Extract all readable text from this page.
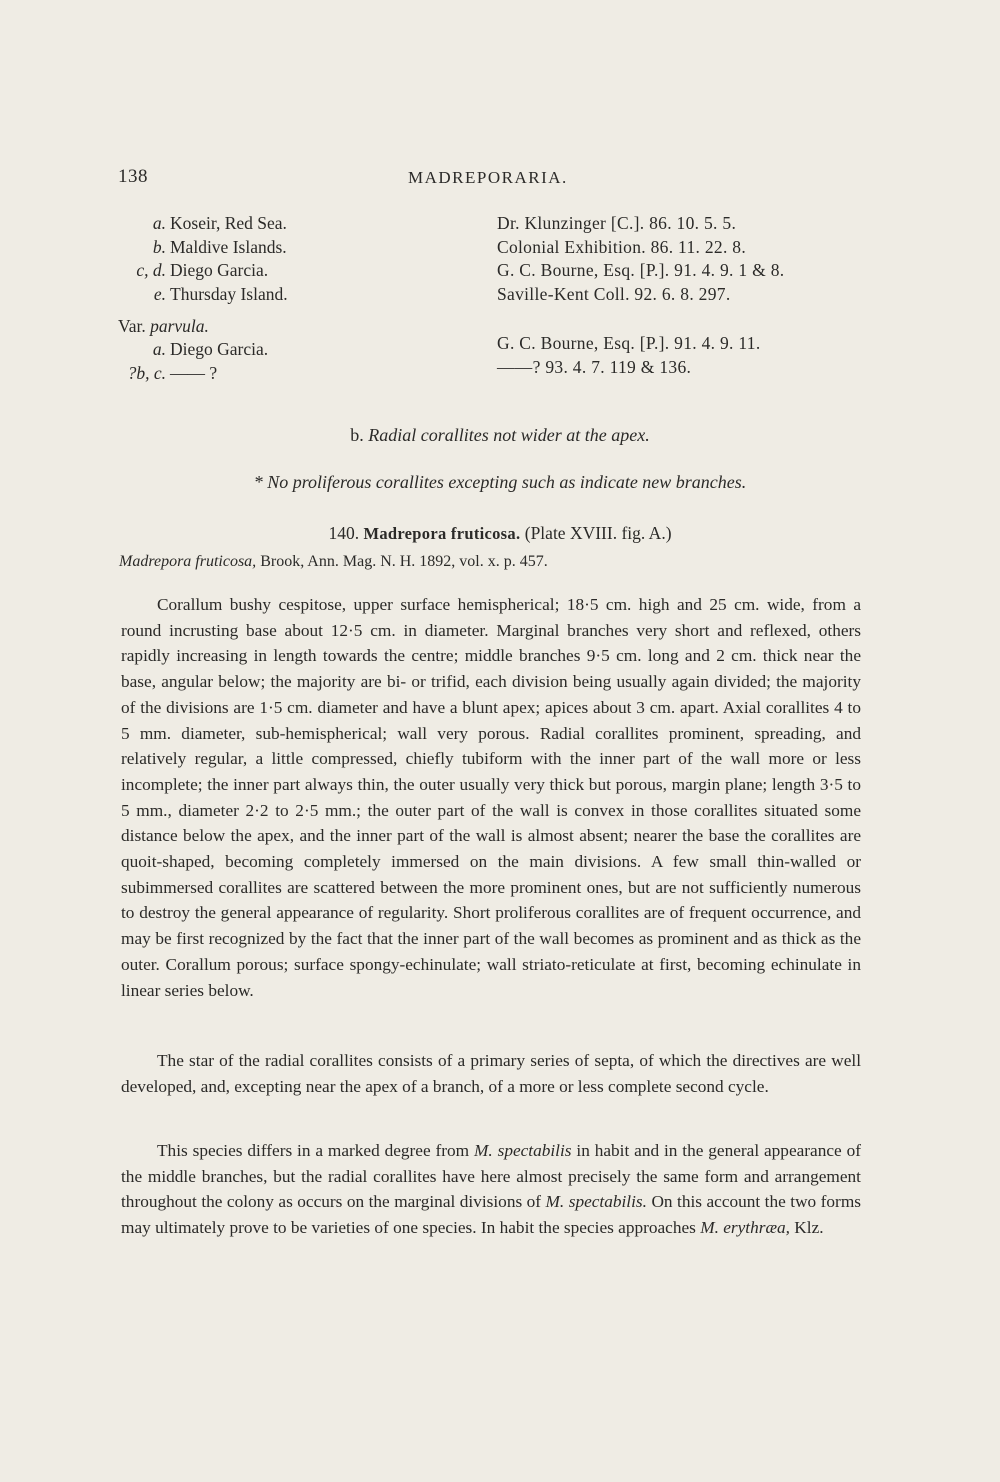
138	MADREPORARIA.
a. Koseir, Red Sea.
b. Maldive Islands.
c, d. Diego Garcia.
e. Thursday Island.
Dr. Klunzinger [C.]. 86. 10. 5. 5.
Colonial Exhibition. 86. 11. 22. 8.
G. C. Bourne, Esq. [P.]. 91. 4. 9. 1 & 8.
Saville-Kent Coll. 92. 6. 8. 297.
Var. parvula.
a. Diego Garcia.
?b, c. —— ?
G. C. Bourne, Esq. [P.]. 91. 4. 9. 11.
——? 93. 4. 7. 119 & 136.
b. Radial corallites not wider at the apex.
* No proliferous corallites excepting such as indicate new branches.
140. Madrepora fruticosa. (Plate XVIII. fig. A.)
Madrepora fruticosa, Brook, Ann. Mag. N. H. 1892, vol. x. p. 457.

Corallum bushy cespitose, upper surface hemispherical; 18·5 cm. high and 25 cm. wide, from a round incrusting base about 12·5 cm. in diameter. Marginal branches very short and reflexed, others rapidly increasing in length towards the centre; middle branches 9·5 cm. long and 2 cm. thick near the base, angular below; the majority are bi- or trifid, each division being usually again divided; the majority of the divisions are 1·5 cm. diameter and have a blunt apex; apices about 3 cm. apart. Axial corallites 4 to 5 mm. diameter, sub-hemispherical; wall very porous. Radial corallites prominent, spreading, and relatively regular, a little compressed, chiefly tubiform with the inner part of the wall more or less incomplete; the inner part always thin, the outer usually very thick but porous, margin plane; length 3·5 to 5 mm., diameter 2·2 to 2·5 mm.; the outer part of the wall is convex in those corallites situated some distance below the apex, and the inner part of the wall is almost absent; nearer the base the corallites are quoit-shaped, becoming completely immersed on the main divisions. A few small thin-walled or subimmersed corallites are scattered between the more prominent ones, but are not sufficiently numerous to destroy the general appearance of regularity. Short proliferous corallites are of frequent occurrence, and may be first recognized by the fact that the inner part of the wall becomes as prominent and as thick as the outer. Corallum porous; surface spongy-echinulate; wall striato-reticulate at first, becoming echinulate in linear series below.

The star of the radial corallites consists of a primary series of septa, of which the directives are well developed, and, excepting near the apex of a branch, of a more or less complete second cycle.

This species differs in a marked degree from M. spectabilis in habit and in the general appearance of the middle branches, but the radial corallites have here almost precisely the same form and arrangement throughout the colony as occurs on the marginal divisions of M. spectabilis. On this account the two forms may ultimately prove to be varieties of one species. In habit the species approaches M. erythræa, Klz.
